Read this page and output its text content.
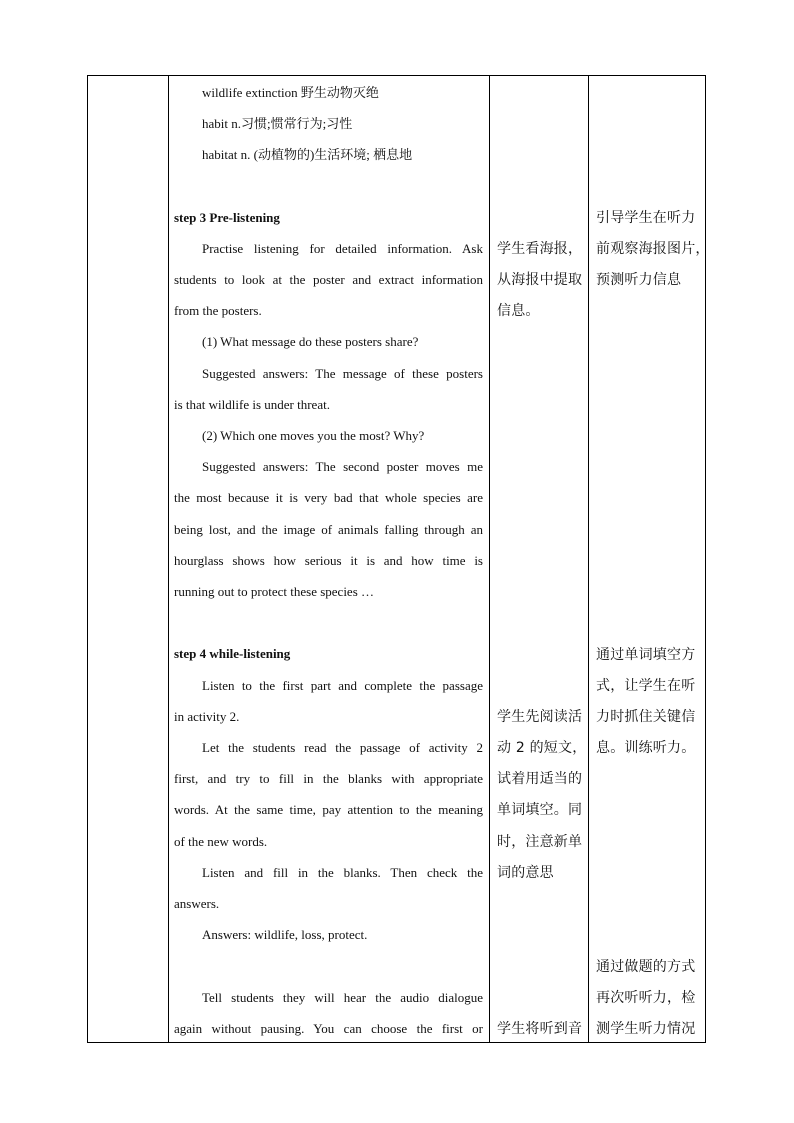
wildlife extinction 野生动物灭绝
habit n.习惯;惯常行为;习性
habitat n. (动植物的)生活环境; 栖息地
step 3 Pre-listening
Practise listening for detailed information. Ask
students to look at the poster and extract information
from the posters.
(1) What message do these posters share?
Suggested answers: The message of these posters
is that wildlife is under threat.
(2) Which one moves you the most? Why?
Suggested answers: The second poster moves me
the most because it is very bad that whole species are
being lost, and the image of animals falling through an
hourglass shows how serious it is and how time is
running out to protect these species …
step 4 while-listening
Listen to the first part and complete the passage
in activity 2.
Let the students read the passage of activity 2
first, and try to fill in the blanks with appropriate
words. At the same time, pay attention to the meaning
of the new words.
Listen and fill in the blanks. Then check the
answers.
Answers: wildlife, loss, protect.
Tell students they will hear the audio dialogue
again without pausing. You can choose the first or
学生看海报，
从海报中提取
信息。
学生先阅读活
动 2 的短文，
试着用适当的
单词填空。同
时，注意新单
词的意思
学生将听到音
引导学生在听力
前观察海报图片，
预测听力信息
通过单词填空方
式，让学生在听
力时抓住关键信
息。训练听力。
通过做题的方式
再次听听力，检
测学生听力情况
